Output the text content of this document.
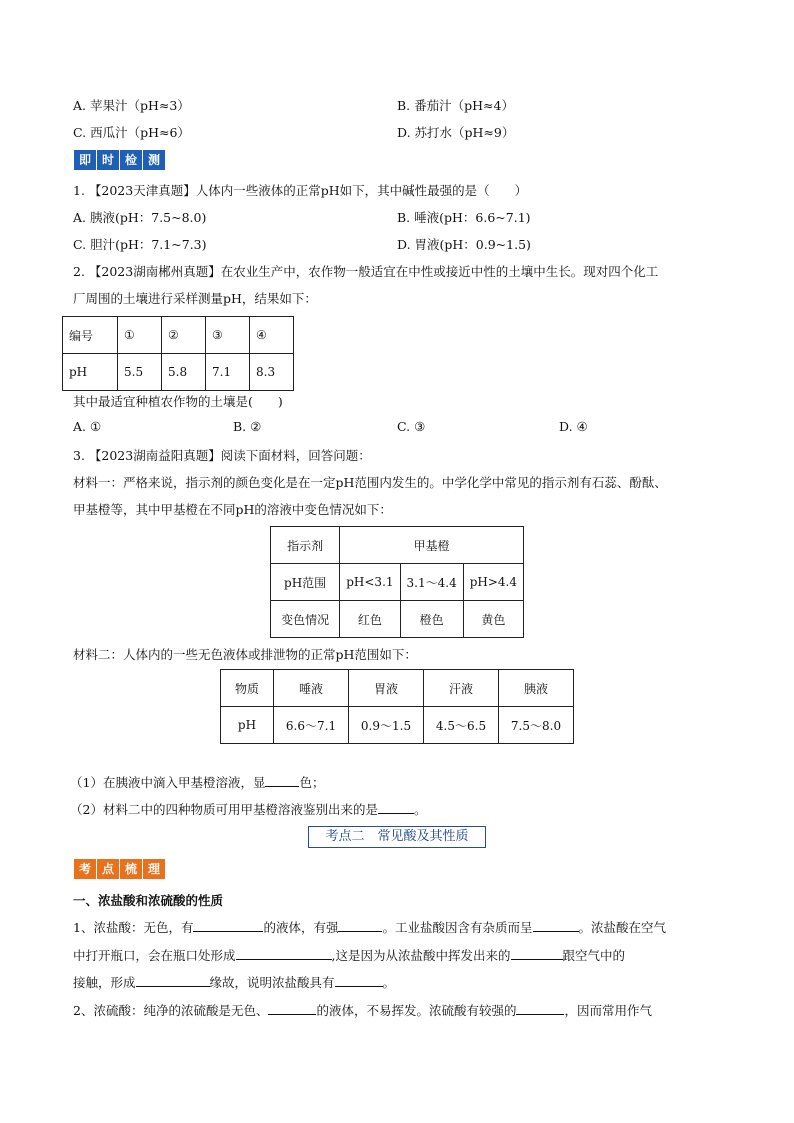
A. 苹果汁（pH≈3）	B. 番茄汁（pH≈4）
C. 西瓜汁（pH≈6）	D. 苏打水（pH≈9）
即 时 检 测
1. 【2023天津真题】人体内一些液体的正常pH如下，其中碱性最强的是（　　）
A. 胰液(pH：7.5~8.0)	B. 唾液(pH：6.6~7.1)
C. 胆汁(pH：7.1~7.3)	D. 胃液(pH：0.9~1.5)
2. 【2023湖南郴州真题】在农业生产中，农作物一般适宜在中性或接近中性的土壤中生长。现对四个化工
厂周围的土壤进行采样测量pH，结果如下：
编号	①	②	③	④
pH	5.5	5.8	7.1	8.3
其中最适宜种植农作物的土壤是(　　)
A. ①	B. ②	C. ③	D. ④
3. 【2023湖南益阳真题】阅读下面材料，回答问题：
材料一：严格来说，指示剂的颜色变化是在一定pH范围内发生的。中学化学中常见的指示剂有石蕊、酚酞、
甲基橙等，其中甲基橙在不同pH的溶液中变色情况如下：
指示剂	甲基橙		
pH范围	pH<3.1	3.1～4.4	pH>4.4
变色情况	红色	橙色	黄色
材料二：人体内的一些无色液体或排泄物的正常pH范围如下：
物质	唾液	胃液	汗液	胰液
pH	6.6～7.1	0.9～1.5	4.5～6.5	7.5～8.0
（1）在胰液中滴入甲基橙溶液，显	色；
（2）材料二中的四种物质可用甲基橙溶液鉴别出来的是	。
考点二　常见酸及其性质
考 点 梳 理
一、浓盐酸和浓硫酸的性质
1、浓盐酸：无色，有	的液体，有强	。工业盐酸因含有杂质而呈	。浓盐酸在空气
中打开瓶口，会在瓶口处形成	,这是因为从浓盐酸中挥发出来的	跟空气中的
接触，形成	缘故，说明浓盐酸具有	。
2、浓硫酸：纯净的浓硫酸是无色、	的液体，不易挥发。浓硫酸有较强的	，因而常用作气
